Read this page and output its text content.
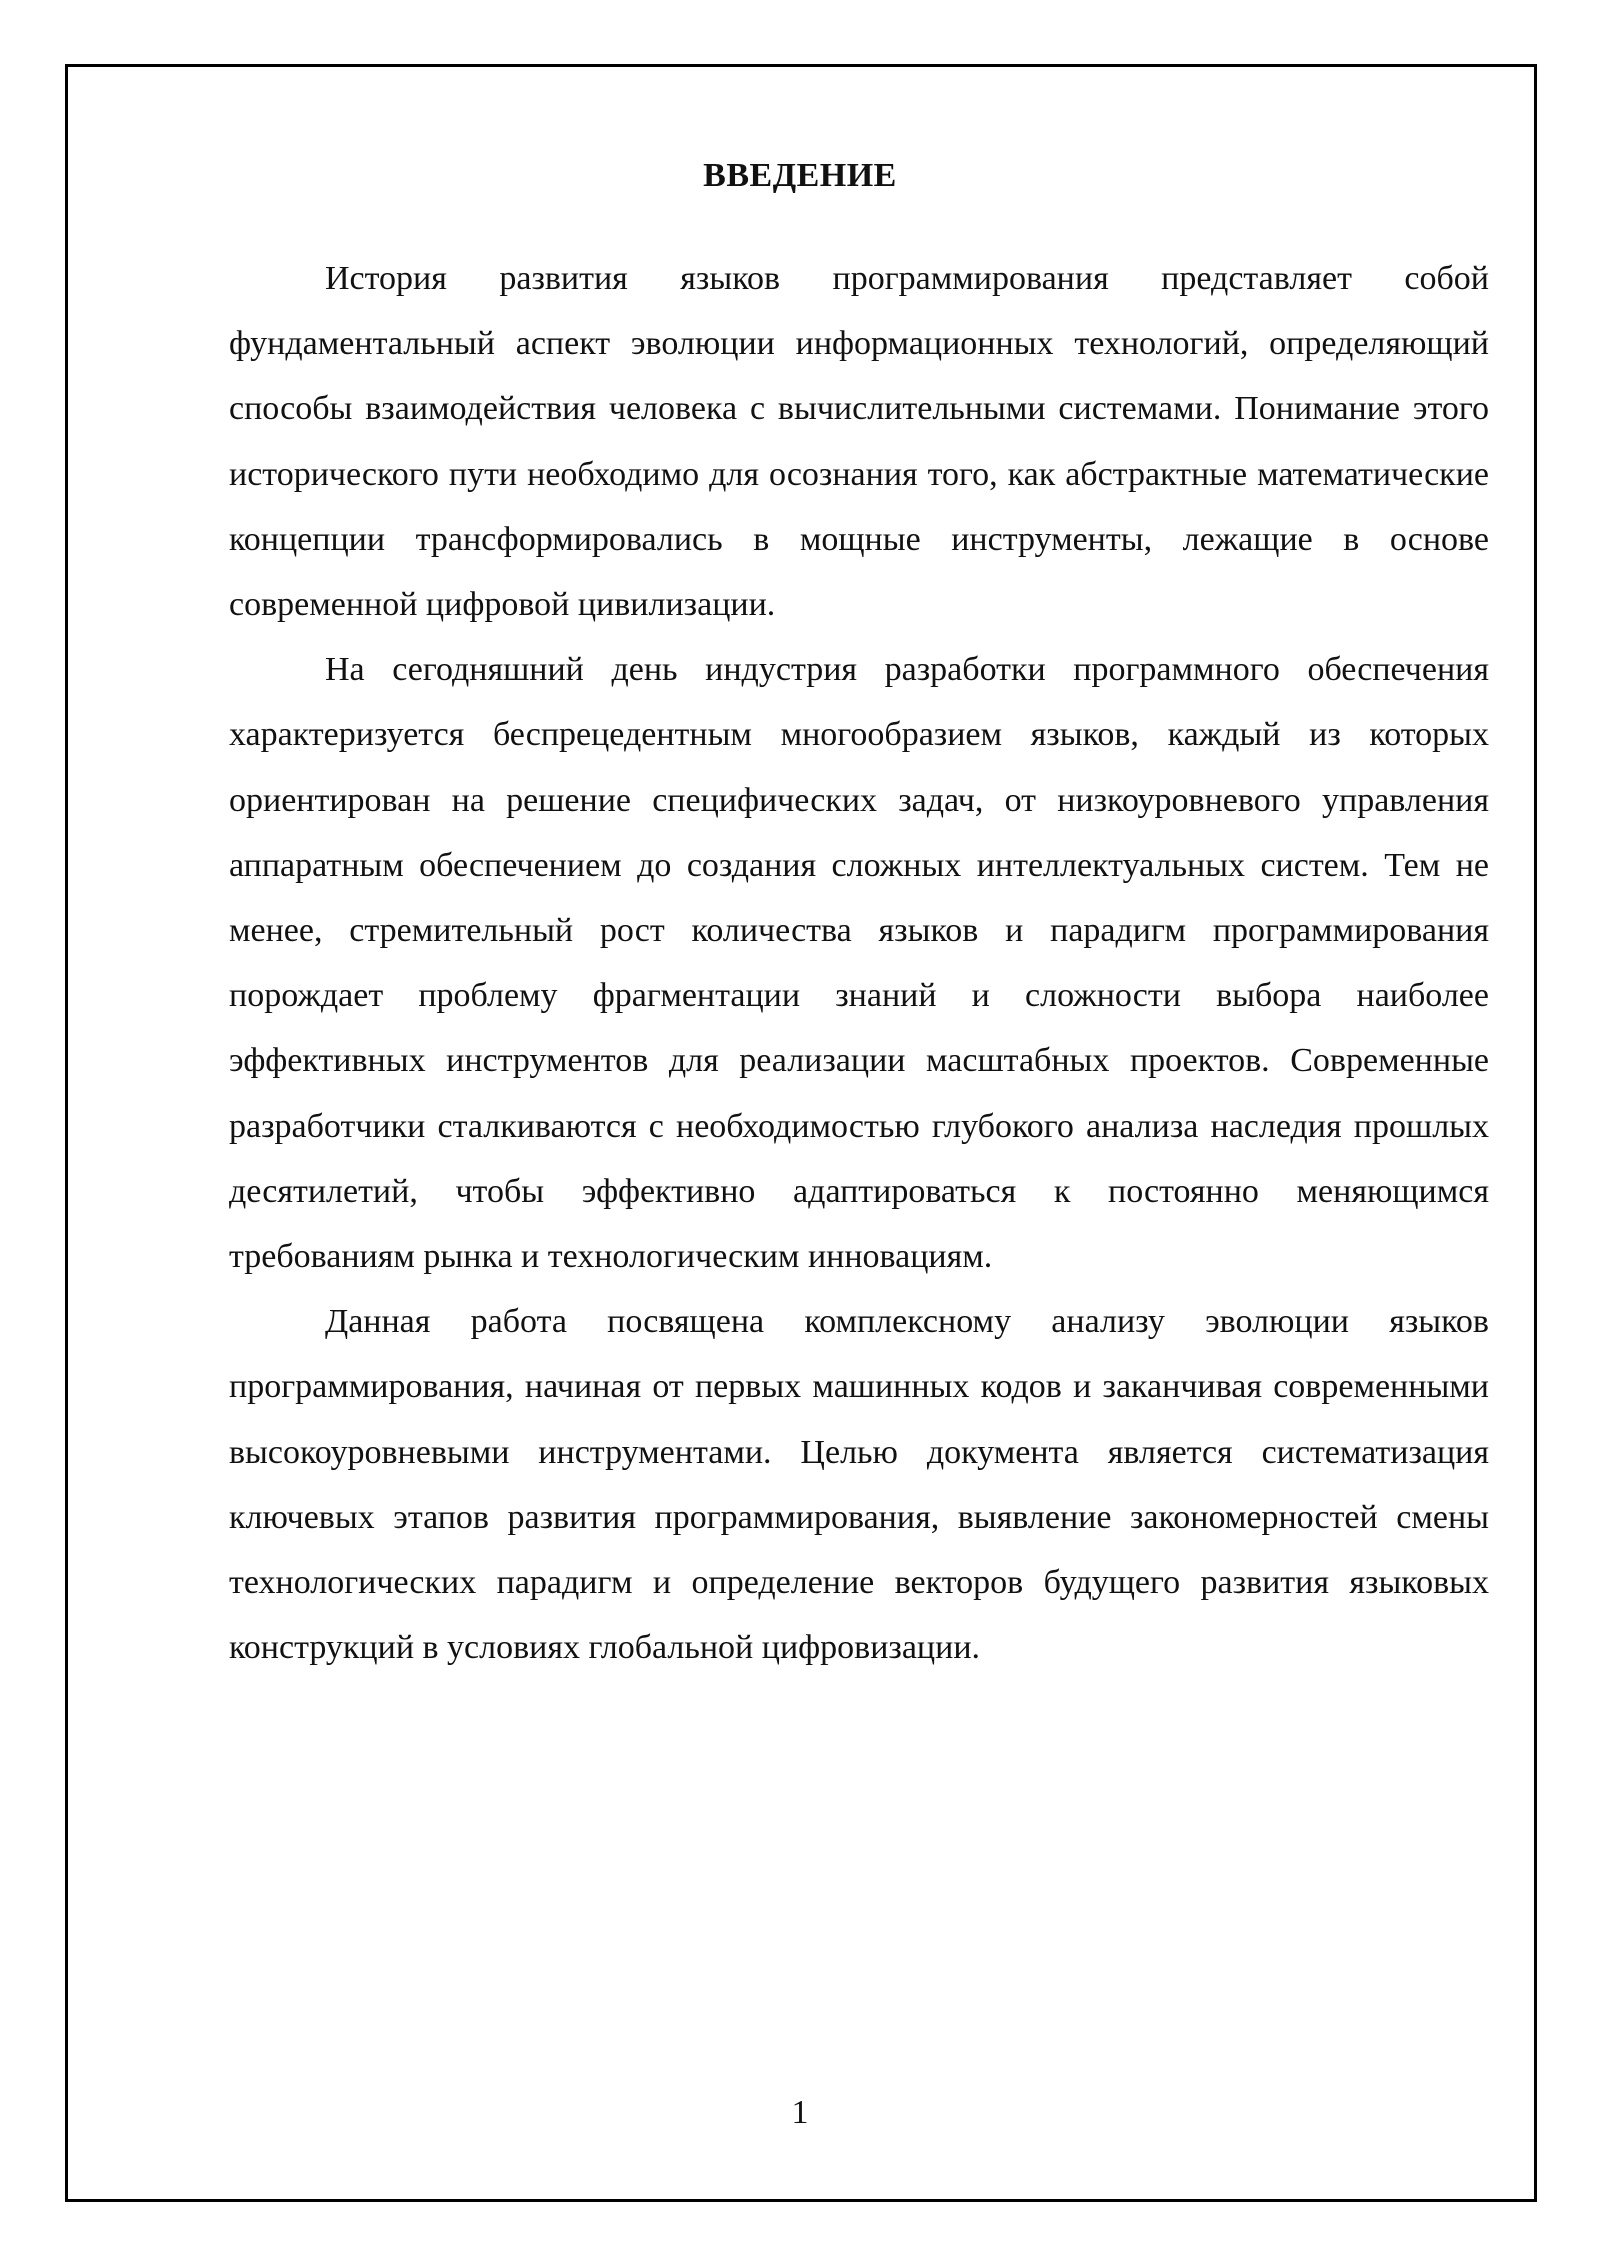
ВВЕДЕНИЕ

История развития языков программирования представляет собой фундаментальный аспект эволюции информационных технологий, определяющий способы взаимодействия человека с вычислительными системами. Понимание этого исторического пути необходимо для осознания того, как абстрактные математические концепции трансформировались в мощные инструменты, лежащие в основе современной цифровой цивилизации.

На сегодняшний день индустрия разработки программного обеспечения характеризуется беспрецедентным многообразием языков, каждый из которых ориентирован на решение специфических задач, от низкоуровневого управления аппаратным обеспечением до создания сложных интеллектуальных систем. Тем не менее, стремительный рост количества языков и парадигм программирования порождает проблему фрагментации знаний и сложности выбора наиболее эффективных инструментов для реализации масштабных проектов. Современные разработчики сталкиваются с необходимостью глубокого анализа наследия прошлых десятилетий, чтобы эффективно адаптироваться к постоянно меняющимся требованиям рынка и технологическим инновациям.

Данная работа посвящена комплексному анализу эволюции языков программирования, начиная от первых машинных кодов и заканчивая современными высокоуровневыми инструментами. Целью документа является систематизация ключевых этапов развития программирования, выявление закономерностей смены технологических парадигм и определение векторов будущего развития языковых конструкций в условиях глобальной цифровизации.

1
